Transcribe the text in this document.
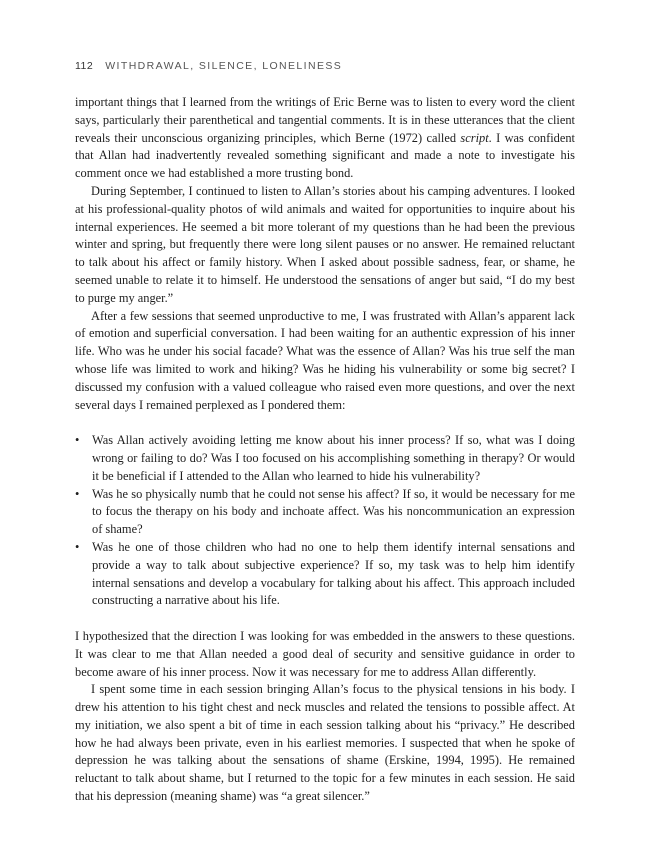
112 WITHDRAWAL, SILENCE, LONELINESS

important things that I learned from the writings of Eric Berne was to listen to every word the client says, particularly their parenthetical and tangential comments. It is in these utterances that the client reveals their unconscious organizing principles, which Berne (1972) called script. I was confident that Allan had inadvertently revealed something significant and made a note to investigate his comment once we had established a more trusting bond.

During September, I continued to listen to Allan’s stories about his camping adventures. I looked at his professional-quality photos of wild animals and waited for opportunities to inquire about his internal experiences. He seemed a bit more tolerant of my questions than he had been the previous winter and spring, but frequently there were long silent pauses or no answer. He remained reluctant to talk about his affect or family history. When I asked about possible sadness, fear, or shame, he seemed unable to relate it to himself. He understood the sensations of anger but said, “I do my best to purge my anger.”

After a few sessions that seemed unproductive to me, I was frustrated with Allan’s apparent lack of emotion and superficial conversation. I had been waiting for an authentic expression of his inner life. Who was he under his social facade? What was the essence of Allan? Was his true self the man whose life was limited to work and hiking? Was he hiding his vulnerability or some big secret? I discussed my confusion with a valued colleague who raised even more questions, and over the next several days I remained perplexed as I pondered them:

• Was Allan actively avoiding letting me know about his inner process? If so, what was I doing wrong or failing to do? Was I too focused on his accomplishing something in therapy? Or would it be beneficial if I attended to the Allan who learned to hide his vulnerability?
• Was he so physically numb that he could not sense his affect? If so, it would be necessary for me to focus the therapy on his body and inchoate affect. Was his noncommunication an expression of shame?
• Was he one of those children who had no one to help them identify internal sensations and provide a way to talk about subjective experience? If so, my task was to help him identify internal sensations and develop a vocabulary for talking about his affect. This approach included constructing a narrative about his life.

I hypothesized that the direction I was looking for was embedded in the answers to these questions. It was clear to me that Allan needed a good deal of security and sensitive guidance in order to become aware of his inner process. Now it was necessary for me to address Allan differently.

I spent some time in each session bringing Allan’s focus to the physical tensions in his body. I drew his attention to his tight chest and neck muscles and related the tensions to possible affect. At my initiation, we also spent a bit of time in each session talking about his “privacy.” He described how he had always been private, even in his earliest memories. I suspected that when he spoke of depression he was talking about the sensations of shame (Erskine, 1994, 1995). He remained reluctant to talk about shame, but I returned to the topic for a few minutes in each session. He said that his depression (meaning shame) was “a great silencer.”
